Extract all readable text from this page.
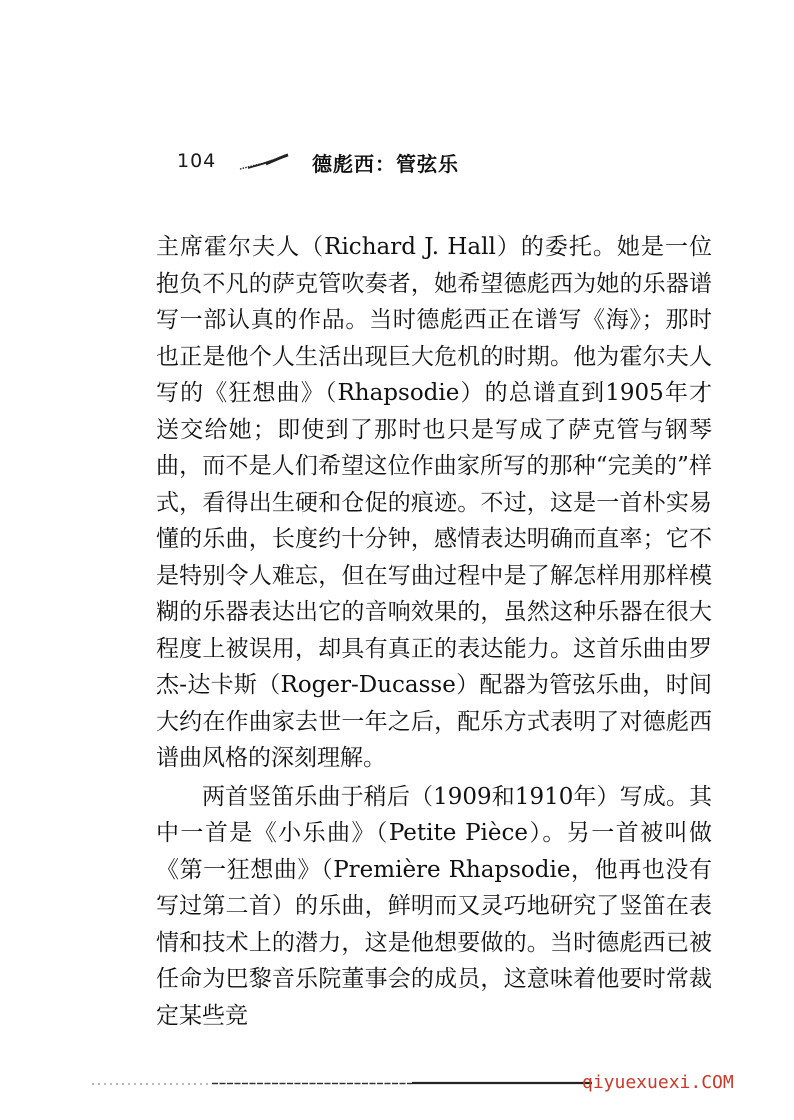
104	德彪西：管弦乐

主席霍尔夫人（Richard J. Hall）的委托。她是一位抱负不凡的萨克管吹奏者，她希望德彪西为她的乐器谱写一部认真的作品。当时德彪西正在谱写《海》；那时也正是他个人生活出现巨大危机的时期。他为霍尔夫人写的《狂想曲》（Rhapsodie）的总谱直到1905年才送交给她；即使到了那时也只是写成了萨克管与钢琴曲，而不是人们希望这位作曲家所写的那种“完美的”样式，看得出生硬和仓促的痕迹。不过，这是一首朴实易懂的乐曲，长度约十分钟，感情表达明确而直率；它不是特别令人难忘，但在写曲过程中是了解怎样用那样模糊的乐器表达出它的音响效果的，虽然这种乐器在很大程度上被误用，却具有真正的表达能力。这首乐曲由罗杰-达卡斯（Roger-Ducasse）配器为管弦乐曲，时间大约在作曲家去世一年之后，配乐方式表明了对德彪西谱曲风格的深刻理解。

两首竖笛乐曲于稍后（1909和1910年）写成。其中一首是《小乐曲》（Petite Pièce）。另一首被叫做《第一狂想曲》（Première Rhapsodie，他再也没有写过第二首）的乐曲，鲜明而又灵巧地研究了竖笛在表情和技术上的潜力，这是他想要做的。当时德彪西已被任命为巴黎音乐院董事会的成员，这意味着他要时常裁定某些竞

qiyuexuexi.COM
